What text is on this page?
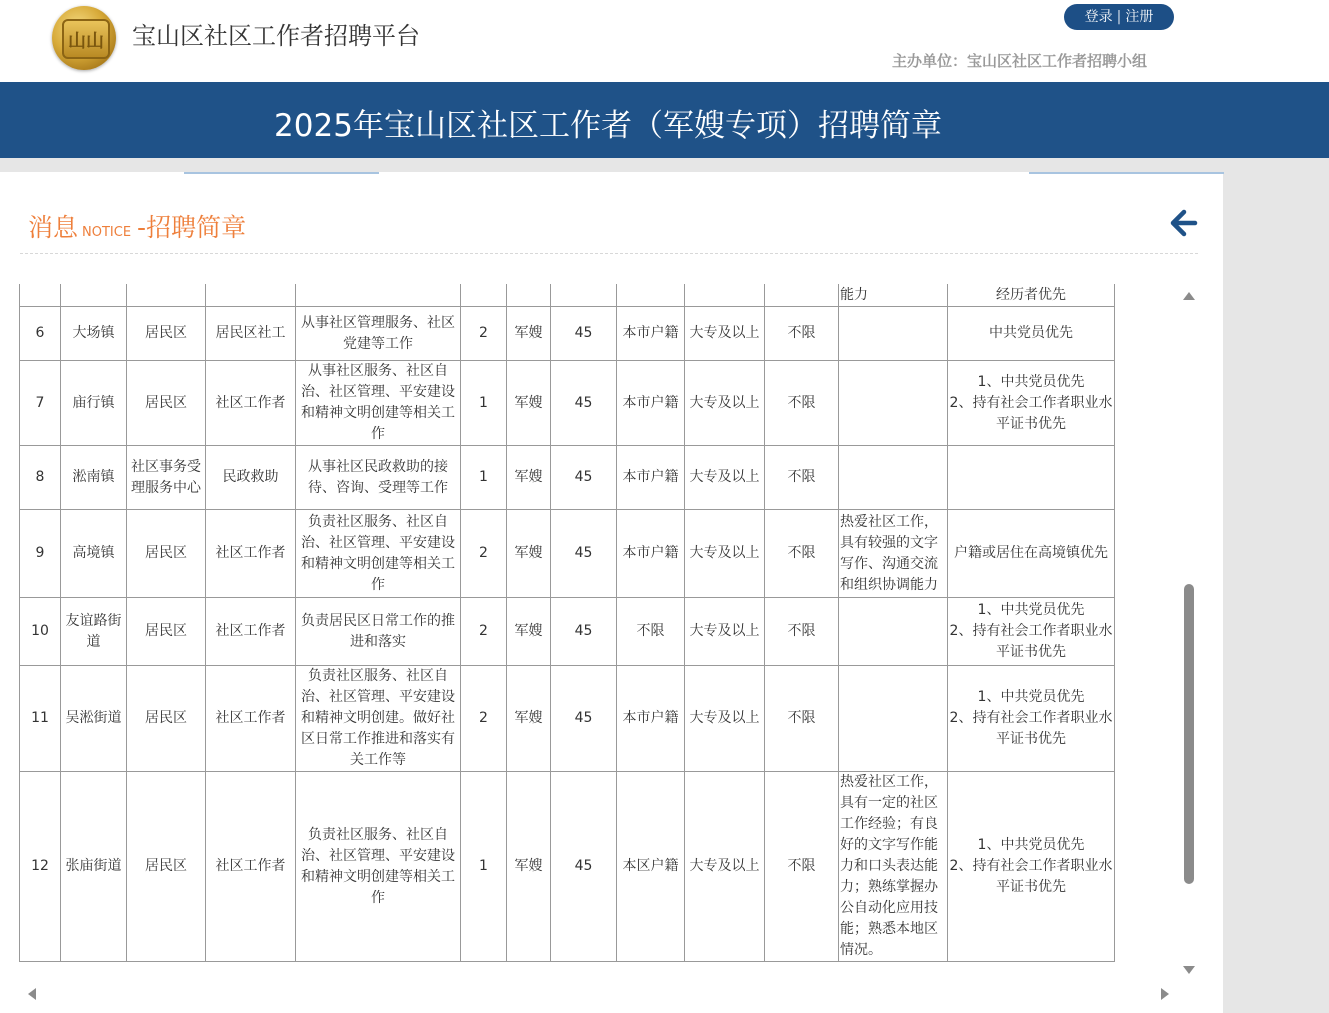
山山 宝山区社区工作者招聘平台
登录 | 注册
主办单位：宝山区社区工作者招聘小组
2025年宝山区社区工作者（军嫂专项）招聘简章
消息 NOTICE -招聘简章
											能力	经历者优先
6	大场镇	居民区	居民区社工	从事社区管理服务、社区党建等工作	2	军嫂	45	本市户籍	大专及以上	不限		中共党员优先
7	庙行镇	居民区	社区工作者	从事社区服务、社区自治、社区管理、平安建设和精神文明创建等相关工作	1	军嫂	45	本市户籍	大专及以上	不限		1、中共党员优先
2、持有社会工作者职业水平证书优先
8	淞南镇	社区事务受理服务中心	民政救助	从事社区民政救助的接待、咨询、受理等工作	1	军嫂	45	本市户籍	大专及以上	不限		
9	高境镇	居民区	社区工作者	负责社区服务、社区自治、社区管理、平安建设和精神文明创建等相关工作	2	军嫂	45	本市户籍	大专及以上	不限	热爱社区工作，具有较强的文字写作、沟通交流和组织协调能力	户籍或居住在高境镇优先
10	友谊路街道	居民区	社区工作者	负责居民区日常工作的推进和落实	2	军嫂	45	不限	大专及以上	不限		1、中共党员优先
2、持有社会工作者职业水平证书优先
11	吴淞街道	居民区	社区工作者	负责社区服务、社区自治、社区管理、平安建设和精神文明创建。做好社区日常工作推进和落实有关工作等	2	军嫂	45	本市户籍	大专及以上	不限		1、中共党员优先
2、持有社会工作者职业水平证书优先
12	张庙街道	居民区	社区工作者	负责社区服务、社区自治、社区管理、平安建设和精神文明创建等相关工作	1	军嫂	45	本区户籍	大专及以上	不限	热爱社区工作，具有一定的社区工作经验；有良好的文字写作能力和口头表达能力；熟练掌握办公自动化应用技能；熟悉本地区情况。	1、中共党员优先
2、持有社会工作者职业水平证书优先
